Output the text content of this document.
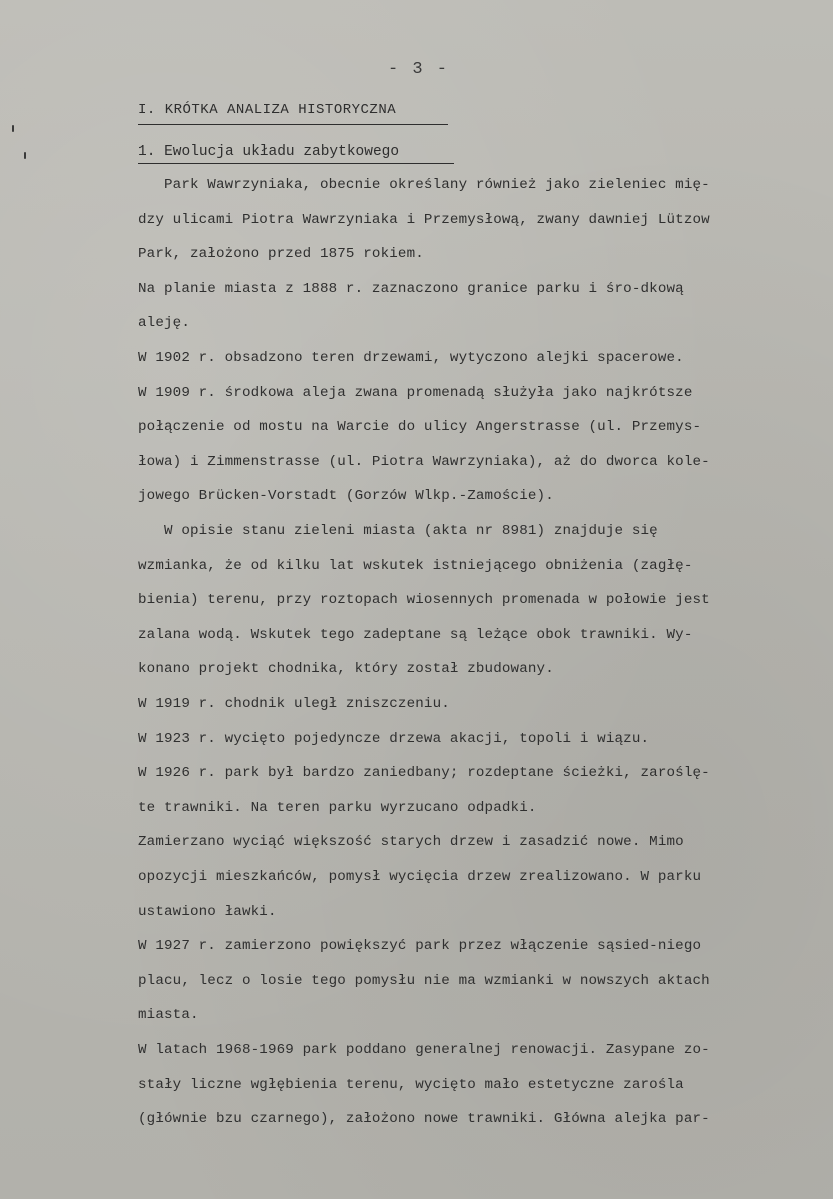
- 3 -
I. KRÓTKA ANALIZA HISTORYCZNA
1. Ewolucja układu zabytkowego
Park Wawrzyniaka, obecnie określany również jako zieleniec mię-
dzy ulicami Piotra Wawrzyniaka i Przemysłową, zwany dawniej Lützow
Park, założono przed 1875 rokiem.
Na planie miasta z 1888 r. zaznaczono granice parku i śro-dkową
aleję.
W 1902 r. obsadzono teren drzewami, wytyczono alejki spacerowe.
W 1909 r. środkowa aleja zwana promenadą służyła jako najkrótsze
połączenie od mostu na Warcie do ulicy Angerstrasse (ul. Przemys-
łowa) i Zimmenstrasse (ul. Piotra Wawrzyniaka), aż do dworca kole-
jowego Brücken-Vorstadt (Gorzów Wlkp.-Zamoście).
W opisie stanu zieleni miasta (akta nr 8981) znajduje się
wzmianka, że od kilku lat wskutek istniejącego obniżenia (zagłę-
bienia) terenu, przy roztopach wiosennych promenada w połowie jest
zalana wodą. Wskutek tego zadeptane są leżące obok trawniki. Wy-
konano projekt chodnika, który został zbudowany.
W 1919 r. chodnik uległ zniszczeniu.
W 1923 r. wycięto pojedyncze drzewa akacji, topoli i wiązu.
W 1926 r. park był bardzo zaniedbany; rozdeptane ścieżki, zaroślę-
te trawniki. Na teren parku wyrzucano odpadki.
Zamierzano wyciąć większość starych drzew i zasadzić nowe. Mimo
opozycji mieszkańców, pomysł wycięcia drzew zrealizowano. W parku
ustawiono ławki.
W 1927 r. zamierzono powiększyć park przez włączenie sąsied-niego
placu, lecz o losie tego pomysłu nie ma wzmianki w nowszych aktach
miasta.
W latach 1968-1969 park poddano generalnej renowacji. Zasypane zo-
stały liczne wgłębienia terenu, wycięto mało estetyczne zarośla
(głównie bzu czarnego), założono nowe trawniki. Główna alejka par-
